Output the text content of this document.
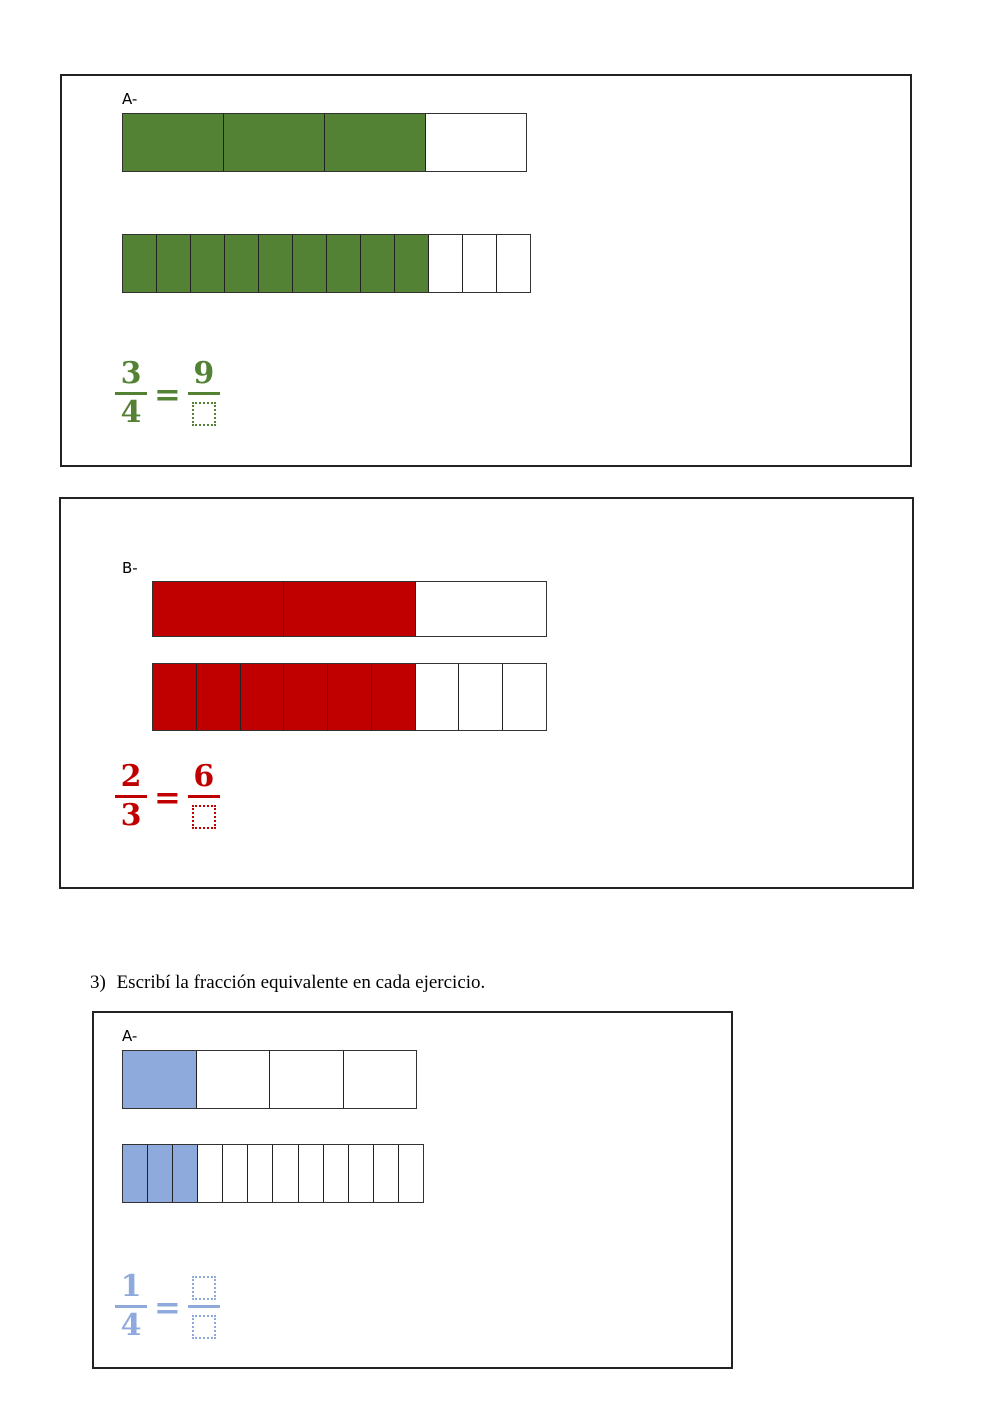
A-
$\frac{3}{4}$ =
9
B-
$\frac{2}{3}$ =
6
3) Escribí la fracción equivalente en cada ejercicio.
A-
$\frac{1}{4}$ =
